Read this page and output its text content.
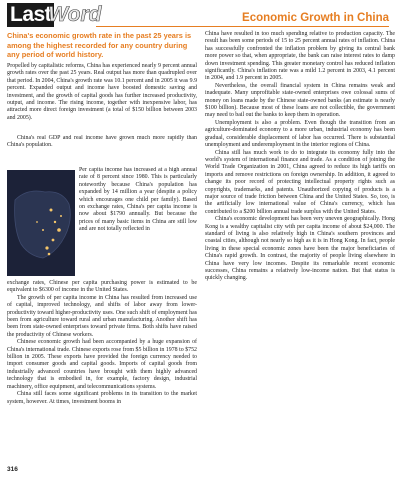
LastWord	Economic Growth in China

China's economic growth rate in the past 25 years is among the highest recorded for any country during any period of world history.

Propelled by capitalistic reforms, China has experienced nearly 9 percent annual growth rates over the past 25 years. Real output has more than quadrupled over that period. In 2004, China's growth rate was 10.1 percent and in 2005 it was 9.9 percent. Expanded output and income have boosted domestic saving and investment, and the growth of capital goods has further increased productivity, output, and income. The rising income, together with inexpensive labor, has attracted more direct foreign investment (a total of $150 billion between 2003 and 2005).

China's real GDP and real income have grown much more rapidly than China's population.

Per capita income has increased at a high annual rate of 8 percent since 1980. This is particularly noteworthy because China's population has expanded by 14 million a year (despite a policy which encourages one child per family). Based on exchange rates, China's per capita income is now about $1790 annually. But because the prices of many basic items in China are still low and are not totally reflected in

exchange rates, Chinese per capita purchasing power is estimated to be equivalent to $6300 of income in the United States.

The growth of per capita income in China has resulted from increased use of capital, improved technology, and shifts of labor away from lower-productivity toward higher-productivity uses. One such shift of employment has been from agriculture toward rural and urban manufacturing. Another shift has been from state-owned enterprises toward private firms. Both shifts have raised the productivity of Chinese workers.

Chinese economic growth had been accompanied by a huge expansion of China's international trade. Chinese exports rose from $5 billion in 1978 to $752 billion in 2005. These exports have provided the foreign currency needed to import consumer goods and capital goods. Imports of capital goods from industrially advanced countries have brought with them highly advanced technology that is embodied in, for example, factory design, industrial machinery, office equipment, and telecommunications systems.

China still faces some significant problems in its transition to the market system, however. At times, investment booms in

China have resulted in too much spending relative to production capacity. The result has been some periods of 15 to 25 percent annual rates of inflation. China has successfully confronted the inflation problem by giving its central bank more power so that, when appropriate, the bank can raise interest rates to damp down investment spending. This greater monetary control has reduced inflation significantly. China's inflation rate was a mild 1.2 percent in 2003, 4.1 percent in 2004, and 1.9 percent in 2005.

Nevertheless, the overall financial system in China remains weak and inadequate. Many unprofitable state-owned enterprises owe colossal sums of money on loans made by the Chinese state-owned banks (an estimate is nearly $100 billion). Because most of these loans are not collectible, the government may need to bail out the banks to keep them in operation.

Unemployment is also a problem. Even though the transition from an agriculture-dominated economy to a more urban, industrial economy has been gradual, considerable displacement of labor has occurred. There is substantial unemployment and underemployment in the interior regions of China.

China still has much work to do to integrate its economy fully into the world's system of international finance and trade. As a condition of joining the World Trade Organization in 2001, China agreed to reduce its high tariffs on imports and remove restrictions on foreign ownership. In addition, it agreed to change its poor record of protecting intellectual property rights such as copyrights, trademarks, and patents. Unauthorized copying of products is a major source of trade friction between China and the United States. So, too, is the artificially low international value of China's currency, which has contributed to a $200 billion annual trade surplus with the United States.

China's economic development has been very uneven geographically. Hong Kong is a wealthy capitalist city with per capita income of about $24,000. The standard of living is also relatively high in China's southern provinces and coastal cities, although not nearly so high as it is in Hong Kong. In fact, people living in these special economic zones have been the major beneficiaries of China's rapid growth. In contrast, the majority of people living elsewhere in China have very low incomes. Despite its remarkable recent economic successes, China remains a relatively low-income nation. But that status is quickly changing.

316
